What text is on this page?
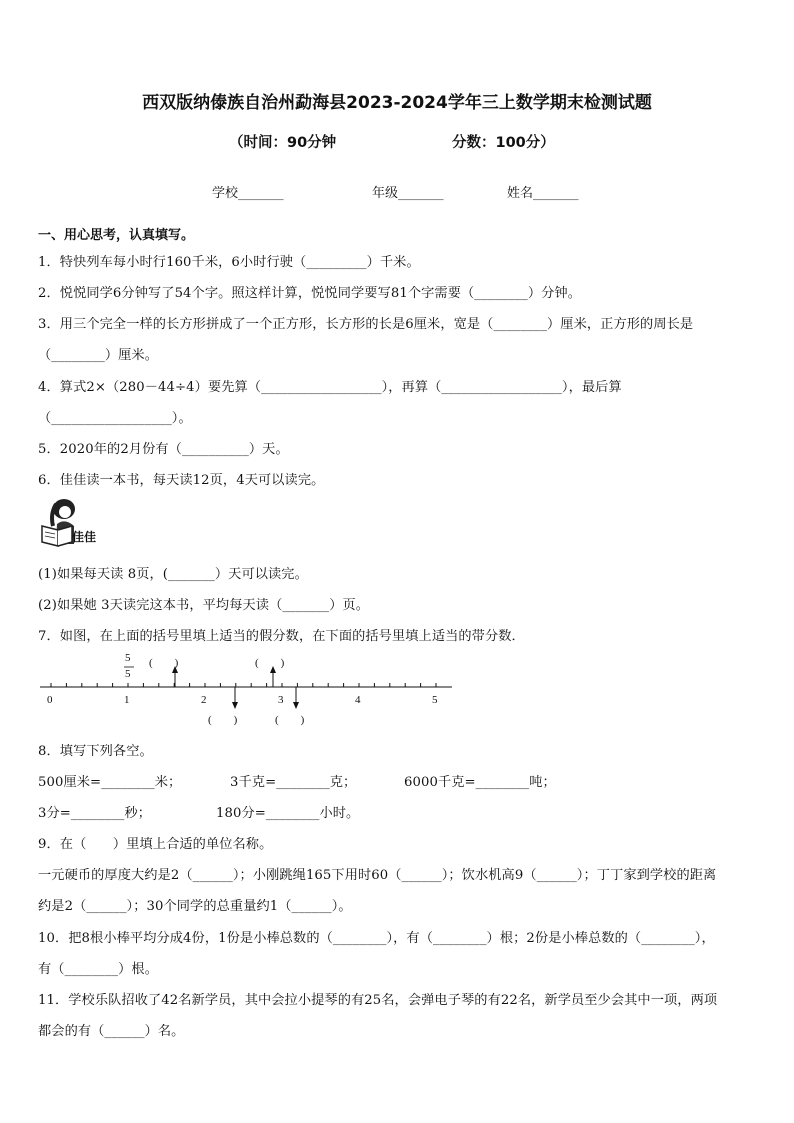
西双版纳傣族自治州勐海县2023-2024学年三上数学期末检测试题
（时间：90分钟	分数：100分）
学校_______	年级_______	姓名_______
一、用心思考，认真填写。
1．特快列车每小时行160千米，6小时行驶（_________）千米。
2．悦悦同学6分钟写了54个字。照这样计算，悦悦同学要写81个字需要（________）分钟。
3．用三个完全一样的长方形拼成了一个正方形，长方形的长是6厘米，宽是（________）厘米，正方形的周长是
（________）厘米。
4．算式2×（280－44÷4）要先算（__________________），再算（__________________），最后算
（__________________）。
5．2020年的2月份有（__________）天。
6．佳佳读一本书，每天读12页，4天可以读完。
佳佳
(1)如果每天读 8页，(_______）天可以读完。
(2)如果她 3天读完这本书，平均每天读（_______）页。
7．如图，在上面的括号里填上适当的假分数，在下面的括号里填上适当的带分数．
5
5
(　　)	(　　)
(　　)	(　　)
0	1	2	3	4	5
8．填写下列各空。
500厘米=________米；	3千克=________克；	6000千克=________吨；
3分=________秒；	180分=________小时。
9．在（　　）里填上合适的单位名称。
一元硬币的厚度大约是2（______）；小刚跳绳165下用时60（______）；饮水机高9（______）；丁丁家到学校的距离
约是2（______）；30个同学的总重量约1（______）。
10．把8根小棒平均分成4份，1份是小棒总数的（________），有（________）根；2份是小棒总数的（________），
有（________）根。
11．学校乐队招收了42名新学员，其中会拉小提琴的有25名，会弹电子琴的有22名，新学员至少会其中一项，两项
都会的有（______）名。
